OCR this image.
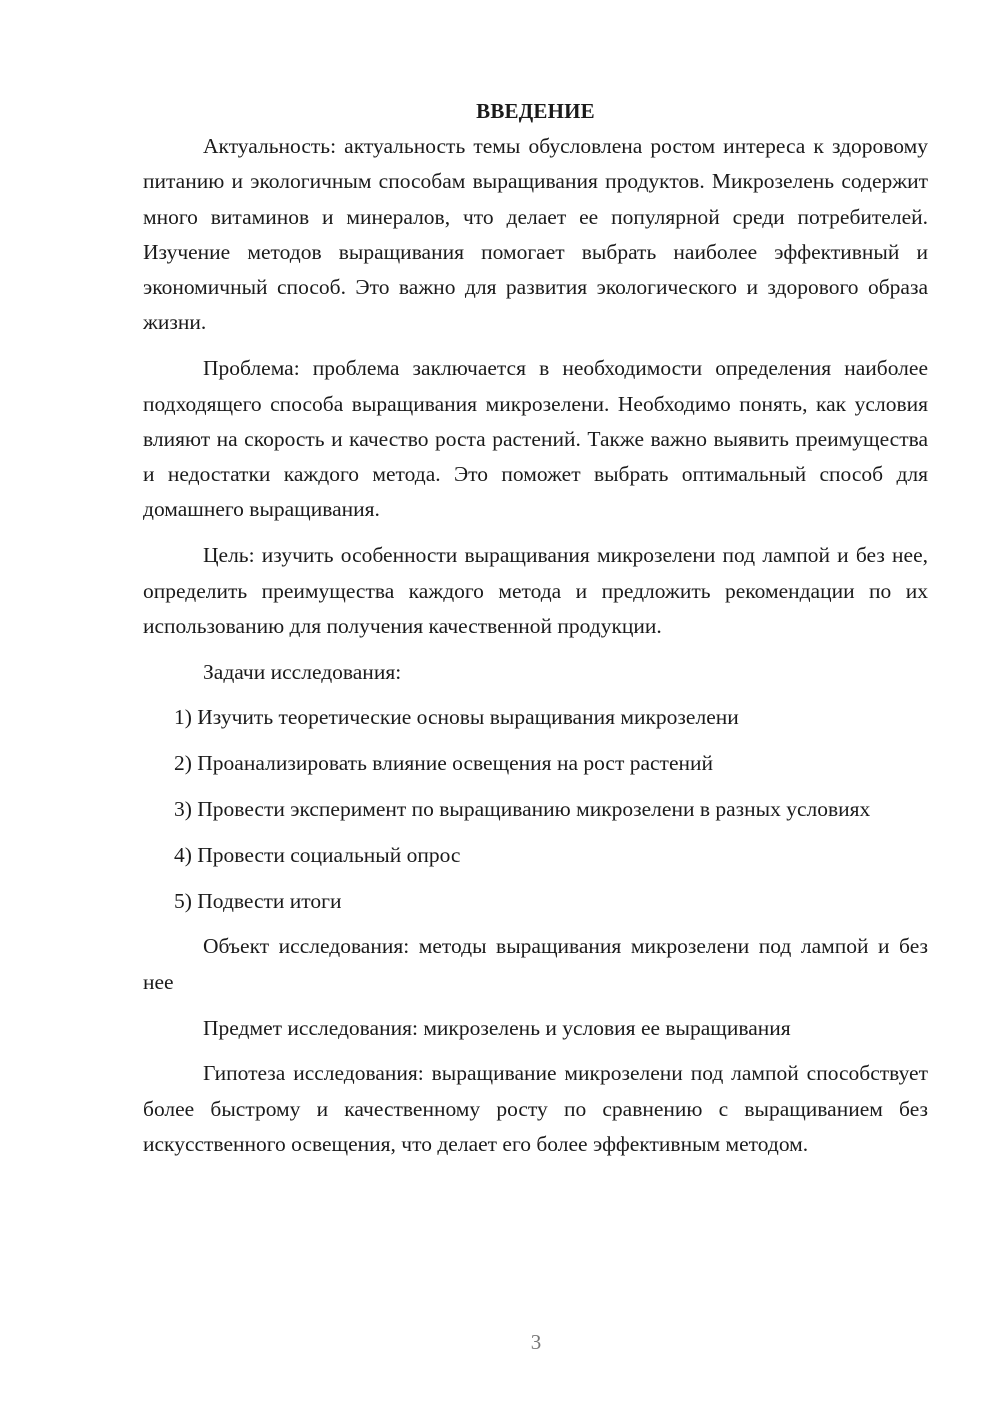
ВВЕДЕНИЕ

Актуальность: актуальность темы обусловлена ростом интереса к здоровому питанию и экологичным способам выращивания продуктов. Микрозелень содержит много витаминов и минералов, что делает ее популярной среди потребителей. Изучение методов выращивания помогает выбрать наиболее эффективный и экономичный способ. Это важно для развития экологического и здорового образа жизни.

Проблема: проблема заключается в необходимости определения наиболее подходящего способа выращивания микрозелени. Необходимо понять, как условия влияют на скорость и качество роста растений. Также важно выявить преимущества и недостатки каждого метода. Это поможет выбрать оптимальный способ для домашнего выращивания.

Цель: изучить особенности выращивания микрозелени под лампой и без нее, определить преимущества каждого метода и предложить рекомендации по их использованию для получения качественной продукции.

Задачи исследования:

1) Изучить теоретические основы выращивания микрозелени

2) Проанализировать влияние освещения на рост растений

3) Провести эксперимент по выращиванию микрозелени в разных условиях

4) Провести социальный опрос

5) Подвести итоги

Объект исследования: методы выращивания микрозелени под лампой и без нее

Предмет исследования: микрозелень и условия ее выращивания

Гипотеза исследования: выращивание микрозелени под лампой способствует более быстрому и качественному росту по сравнению с выращиванием без искусственного освещения, что делает его более эффективным методом.

3
